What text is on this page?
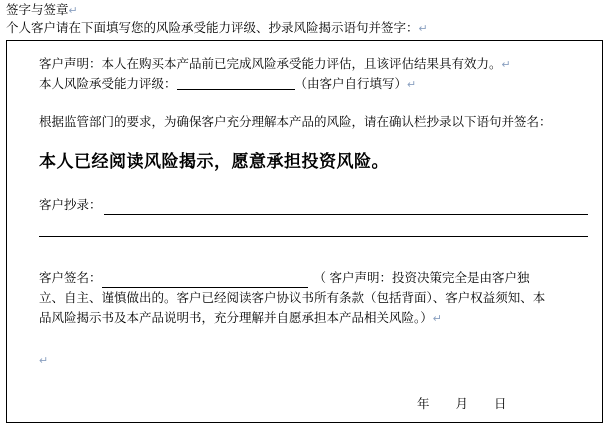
签字与签章↵
个人客户请在下面填写您的风险承受能力评级、抄录风险揭示语句并签字：↵
客户声明：本人在购买本产品前已完成风险承受能力评估，且该评估结果具有效力。↵
本人风险承受能力评级：	（由客户自行填写）↵
根据监管部门的要求，为确保客户充分理解本产品的风险，请在确认栏抄录以下语句并签名：
本人已经阅读风险揭示，愿意承担投资风险。
客户抄录：
客户签名：	（ 客户声明：投资决策完全是由客户独
立、自主、谨慎做出的。客户已经阅读客户协议书所有条款（包括背面）、客户权益须知、本
品风险揭示书及本产品说明书，充分理解并自愿承担本产品相关风险。）↵
↵
年月日
